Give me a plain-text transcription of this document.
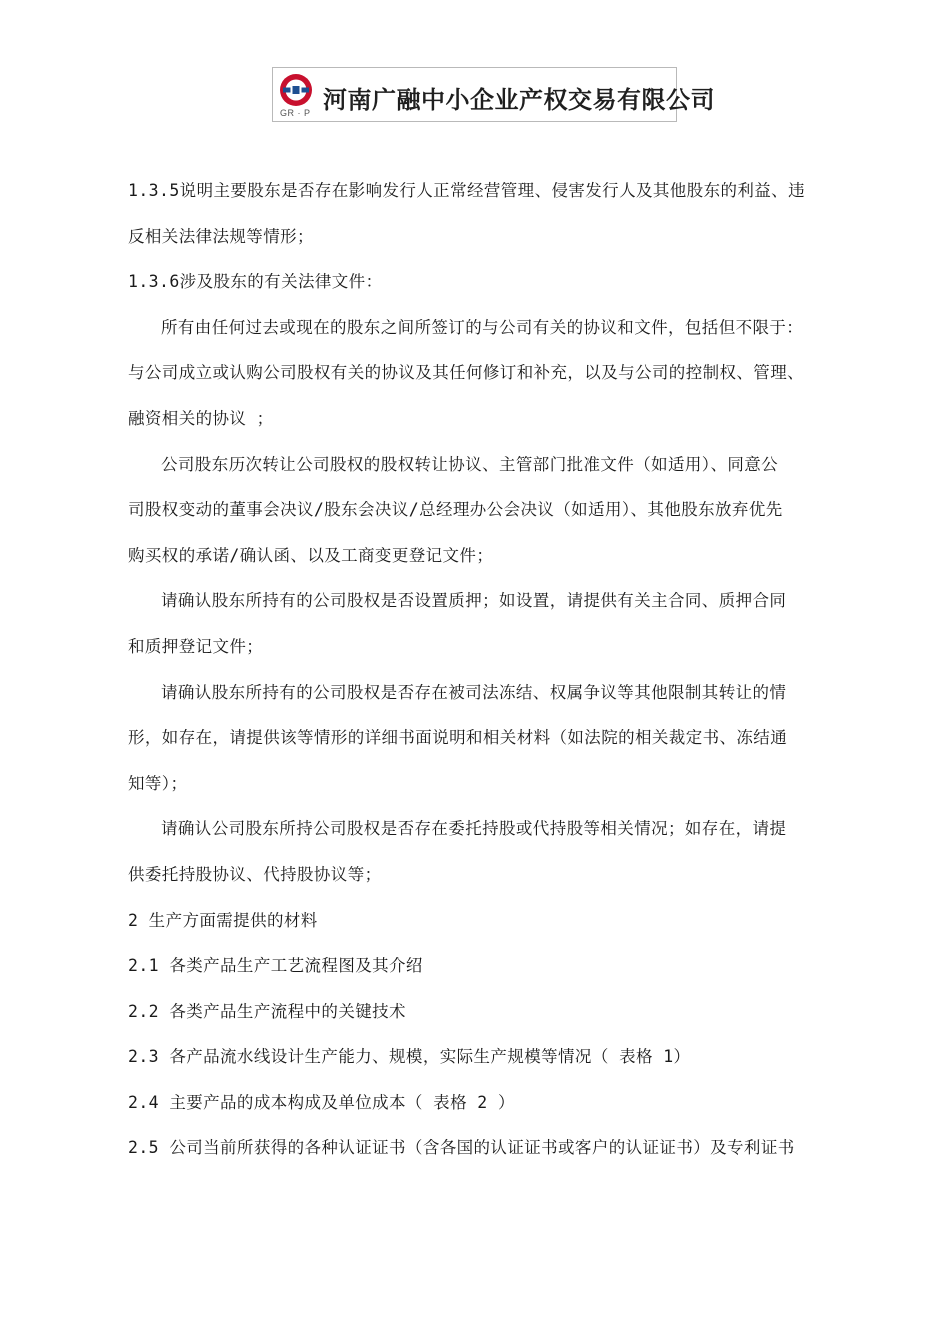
GR · P 河南广融中小企业产权交易有限公司
1.3.5说明主要股东是否存在影响发行人正常经营管理、侵害发行人及其他股东的利益、违
反相关法律法规等情形；
1.3.6涉及股东的有关法律文件：
所有由任何过去或现在的股东之间所签订的与公司有关的协议和文件，包括但不限于：
与公司成立或认购公司股权有关的协议及其任何修订和补充，以及与公司的控制权、管理、
融资相关的协议 ；
公司股东历次转让公司股权的股权转让协议、主管部门批准文件（如适用）、同意公
司股权变动的董事会决议/股东会决议/总经理办公会决议（如适用）、其他股东放弃优先
购买权的承诺/确认函、以及工商变更登记文件；
请确认股东所持有的公司股权是否设置质押；如设置，请提供有关主合同、质押合同
和质押登记文件；
请确认股东所持有的公司股权是否存在被司法冻结、权属争议等其他限制其转让的情
形，如存在，请提供该等情形的详细书面说明和相关材料（如法院的相关裁定书、冻结通
知等）；
请确认公司股东所持公司股权是否存在委托持股或代持股等相关情况；如存在，请提
供委托持股协议、代持股协议等；
2 生产方面需提供的材料
2.1 各类产品生产工艺流程图及其介绍
2.2 各类产品生产流程中的关键技术
2.3 各产品流水线设计生产能力、规模，实际生产规模等情况（ 表格 1）
2.4 主要产品的成本构成及单位成本（ 表格 2 ）
2.5 公司当前所获得的各种认证证书（含各国的认证证书或客户的认证证书）及专利证书
